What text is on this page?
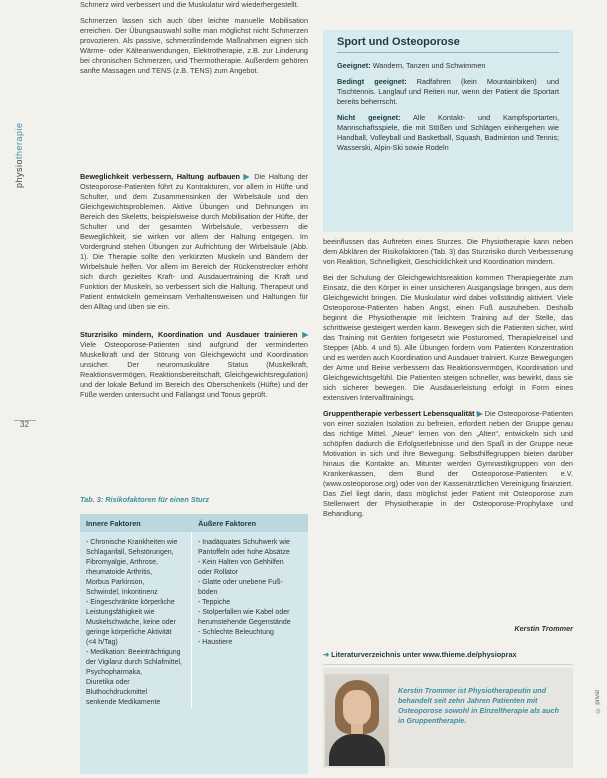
physiotherapie
32

Schmerz wird verbessert und die Muskulatur wird wiederhergestellt.

Schmerzen lassen sich auch über leichte manuelle Mobilisation erreichen. Der Übungsauswahl sollte man möglichst nicht Schmerzen provozieren. Als passive, schmerzlindernde Maßnahmen eignen sich Wärme- oder Kälteanwendungen, Elektrotherapie, z.B. zur Linderung bei chronischen Schmerzen, und Thermotherapie. Außerdem gehören sanfte Massagen und TENS (z.B. TENS) zum Angebot.

Beweglichkeit verbessern, Haltung aufbauen ▶ Die Haltung der Osteoporose-Patienten führt zu Kontrakturen, vor allem in Hüfte und Schulter, und dem Zusammensinken der Wirbelsäule und den Gleichgewichtsproblemen. Aktive Übungen und Dehnungen im Bereich des Skeletts, beispielsweise durch Mobilisation der Hüfte, der Schulter und der gesamten Wirbelsäule, verbessern die Beweglichkeit, sie wirken vor allem der Haltung entgegen. Im Vordergrund stehen Übungen zur Aufrichtung der Wirbelsäule (Abb. 1). Die Therapie sollte den verkürzten Muskeln und Bändern der Wirbelsäule helfen. Vor allem im Bereich der Rückenstrecker erhöht sich durch gezieltes Kraft- und Ausdauertraining die Kraft und Funktion der Muskeln, so verbessert sich die Haltung. Therapeut und Patient entwickeln gemeinsam Verhaltensweisen und Haltungen für den Alltag und üben sie ein.

Sturzrisiko mindern, Koordination und Ausdauer trainieren ▶ Viele Osteoporose-Patienten sind aufgrund der verminderten Muskelkraft und der Störung von Gleichgewicht und Koordination unsicher. Der neuromuskuläre Status (Muskelkraft, Reaktionsvermögen, Reaktionsbereitschaft, Gleichgewichtsregulation) und der lokale Befund im Bereich des Oberschenkels (Hüfte) und der Füße werden untersucht und Fallangst und Tonus geprüft.

Tab. 3: Risikofaktoren für einen Sturz
Innere Faktoren	Äußere Faktoren
- Chronische Krankheiten wie
Schlaganfall, Sehstörungen,
Fibromyalgie, Arthrose,
rheumatoide Arthritis,
Morbus Parkinson,
Schwindel, Inkontinenz
- Eingeschränkte körperliche
Leistungsfähigkeit wie
Muskelschwäche, keine oder
geringe körperliche Aktivität
(<4 h/Tag)
- Medikation: Beeinträchtigung
der Vigilanz durch Schlafmittel,
Psychopharmaka,
Diuretika oder Bluthochdruckmittel
senkende Medikamente
- Inadäquates Schuhwerk wie
Pantoffeln oder hohe Absätze
- Kein Halten von Gehhilfen
oder Rollator
- Glatte oder unebene Fuß-
böden
- Teppiche
- Stolperfallen wie Kabel oder
herumstehende Gegenstände
- Schlechte Beleuchtung
- Haustiere
Sport und Osteoporose

Geeignet: Wandern, Tanzen und Schwimmen

Bedingt geeignet: Radfahren (kein Mountainbiken) und Tischtennis. Langlauf und Reiten nur, wenn der Patient die Sportart bereits beherrscht.

Nicht geeignet: Alle Kontakt- und Kampfsportarten, Mannschaftsspiele, die mit Stößen und Schlägen einhergehen wie Handball, Volleyball und Basketball, Squash, Badminton und Tennis; Wasserski, Alpin-Ski sowie Rodeln

beeinflussen das Auftreten eines Sturzes. Die Physiotherapie kann neben dem Abklären der Risikofaktoren (Tab. 3) das Sturzrisiko durch Verbesserung von Reaktion, Schnelligkeit, Geschicklichkeit und Koordination mindern.

Bei der Schulung der Gleichgewichtsreaktion kommen Therapiegeräte zum Einsatz, die den Körper in einer unsicheren Ausgangslage bringen, aus dem Gleichgewicht bringen. Die Muskulatur wird dabei vollständig aktiviert. Viele Osteoporose-Patienten haben Angst, einen Fuß auszuheben. Deshalb beginnt die Physiotherapie mit leichtem Training auf der Stelle, das schrittweise gesteigert werden kann. Bewegen sich die Patienten sicher, wird das Training mit Geräten fortgesetzt wie Posturomed, Therapiekreisel und Stepper (Abb. 4 und 5). Alle Übungen fordern vom Patienten Konzentration und es werden auch Koordination und Ausdauer trainiert. Kurze Bewegungen der Arme und Beine verbessern das Reaktionsvermögen, Koordination und Gleichgewichtsgefühl. Die Patienten steigen schneller, was bewirkt, dass sie sich sicherer bewegen. Die Ausdauerleistung erfolgt in Form eines extensiven Intervalltrainings.

Gruppentherapie verbessert Lebensqualität ▶ Die Osteoporose-Patienten von einer sozialen Isolation zu befreien, erfordert neben der Gruppe genau das richtige Mittel. „Neue“ lernen von den „Alten“, entwickeln sich und schöpfen dadurch die Erfolgserlebnisse und den Spaß in der Gruppe neue Motivation in sich und ihre Bewegung. Selbsthilfegruppen bieten darüber hinaus die Kontakte an. Mitunter werden Gymnastikgruppen von den Krankenkassen, dem Bund der Osteoporose-Patienten e.V. (www.osteoporose.org) oder von der Kassenärztlichen Vereinigung finanziert. Das Ziel liegt darin, dass möglichst jeder Patient mit Osteoporose zum Stellenwert der Physiotherapie in der Osteoporose-Prophylaxe und Behandlung.

Kerstin Trommer
➜ Literaturverzeichnis unter www.thieme.de/physioprax
Kerstin Trommer ist Physiotherapeutin und behandelt seit zehn Jahren Patienten mit Osteoporose sowohl in Einzeltherapie als auch in Gruppentherapie.
© privat
